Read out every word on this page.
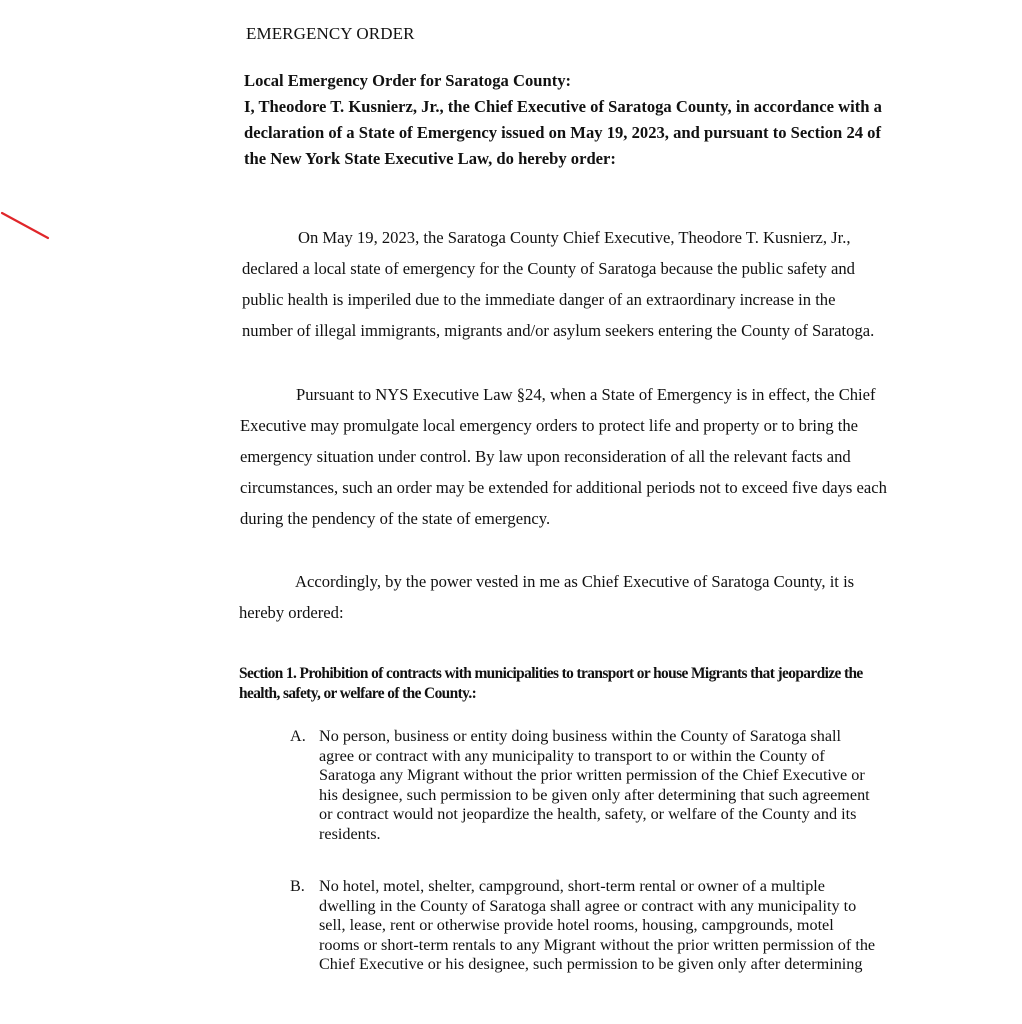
EMERGENCY ORDER
Local Emergency Order for Saratoga County:
I, Theodore T. Kusnierz, Jr., the Chief Executive of Saratoga County, in accordance with a
declaration of a State of Emergency issued on May 19, 2023, and pursuant to Section 24 of
the New York State Executive Law, do hereby order:
On May 19, 2023, the Saratoga County Chief Executive, Theodore T. Kusnierz, Jr.,
declared a local state of emergency for the County of Saratoga because the public safety and
public health is imperiled due to the immediate danger of an extraordinary increase in the
number of illegal immigrants, migrants and/or asylum seekers entering the County of Saratoga.
Pursuant to NYS Executive Law §24, when a State of Emergency is in effect, the Chief
Executive may promulgate local emergency orders to protect life and property or to bring the
emergency situation under control. By law upon reconsideration of all the relevant facts and
circumstances, such an order may be extended for additional periods not to exceed five days each
during the pendency of the state of emergency.
Accordingly, by the power vested in me as Chief Executive of Saratoga County, it is
hereby ordered:
Section 1. Prohibition of contracts with municipalities to transport or house Migrants that jeopardize the
health, safety, or welfare of the County.:
A. No person, business or entity doing business within the County of Saratoga shall
agree or contract with any municipality to transport to or within the County of
Saratoga any Migrant without the prior written permission of the Chief Executive or
his designee, such permission to be given only after determining that such agreement
or contract would not jeopardize the health, safety, or welfare of the County and its
residents.
B. No hotel, motel, shelter, campground, short-term rental or owner of a multiple
dwelling in the County of Saratoga shall agree or contract with any municipality to
sell, lease, rent or otherwise provide hotel rooms, housing, campgrounds, motel
rooms or short-term rentals to any Migrant without the prior written permission of the
Chief Executive or his designee, such permission to be given only after determining
